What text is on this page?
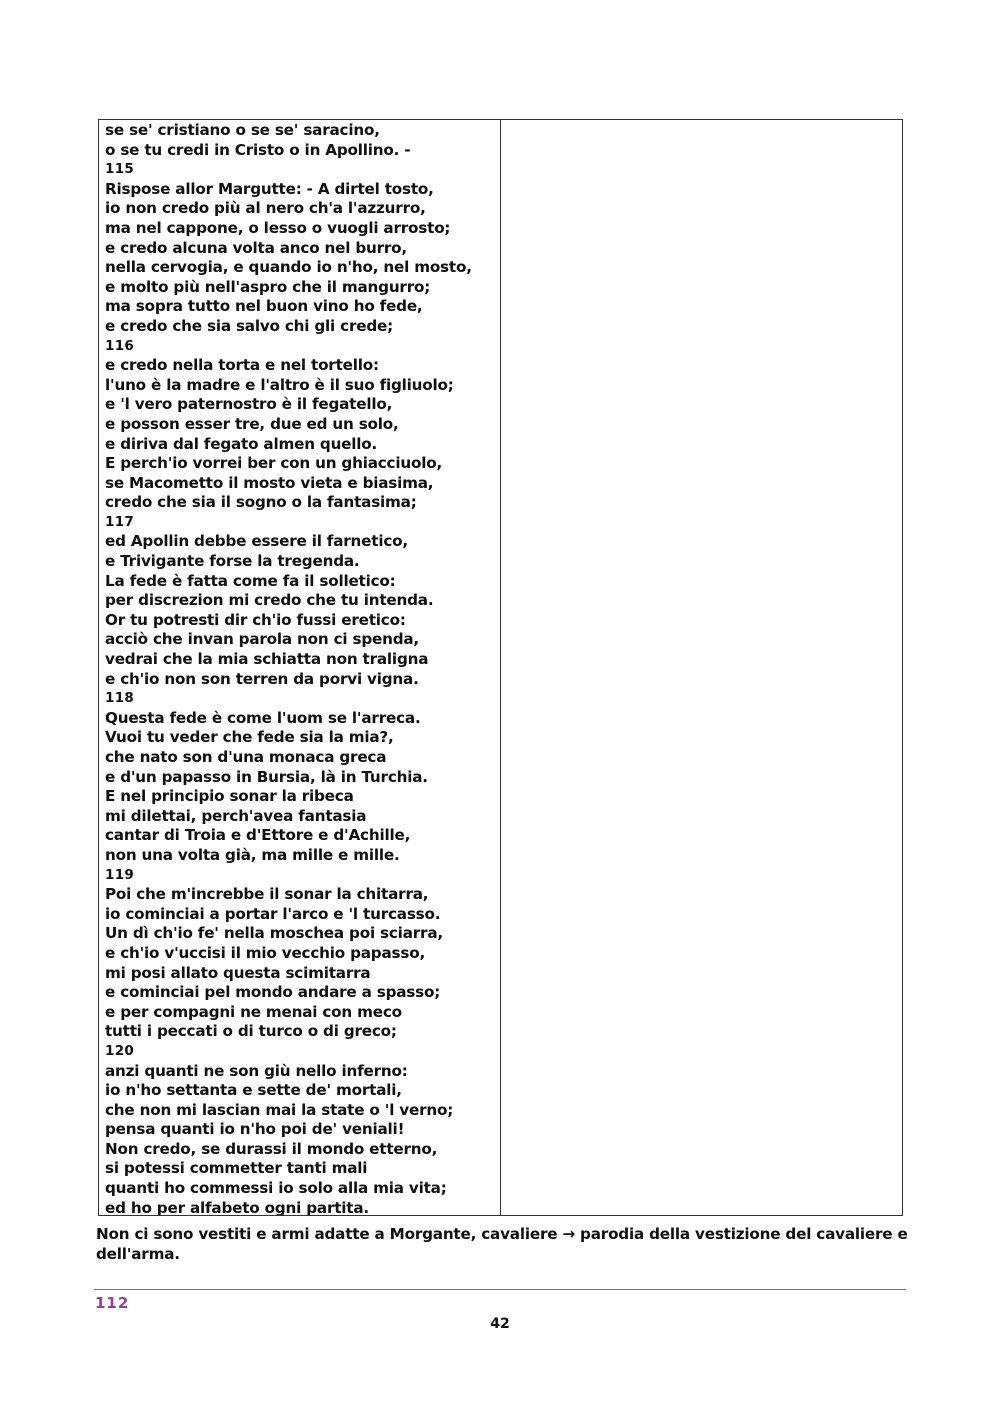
se se' cristiano o se se' saracino,

o se tu credi in Cristo o in Apollino. -

115

Rispose allor Margutte: - A dirtel tosto,

io non credo più al nero ch'a l'azzurro,

ma nel cappone, o lesso o vuogli arrosto;

e credo alcuna volta anco nel burro,

nella cervogia, e quando io n'ho, nel mosto,

e molto più nell'aspro che il mangurro;

ma sopra tutto nel buon vino ho fede,

e credo che sia salvo chi gli crede;

116

e credo nella torta e nel tortello:

l'uno è la madre e l'altro è il suo figliuolo;

e 'l vero paternostro è il fegatello,

e posson esser tre, due ed un solo,

e diriva dal fegato almen quello.

E perch'io vorrei ber con un ghiacciuolo,

se Macometto il mosto vieta e biasima,

credo che sia il sogno o la fantasima;

117

ed Apollin debbe essere il farnetico,

e Trivigante forse la tregenda.

La fede è fatta come fa il solletico:

per discrezion mi credo che tu intenda.

Or tu potresti dir ch'io fussi eretico:

acciò che invan parola non ci spenda,

vedrai che la mia schiatta non traligna

e ch'io non son terren da porvi vigna.

118

Questa fede è come l'uom se l'arreca.

Vuoi tu veder che fede sia la mia?,

che nato son d'una monaca greca

e d'un papasso in Bursia, là in Turchia.

E nel principio sonar la ribeca

mi dilettai, perch'avea fantasia

cantar di Troia e d'Ettore e d'Achille,

non una volta già, ma mille e mille.

119

Poi che m'increbbe il sonar la chitarra,

io cominciai a portar l'arco e 'l turcasso.

Un dì ch'io fe' nella moschea poi sciarra,

e ch'io v'uccisi il mio vecchio papasso,

mi posi allato questa scimitarra

e cominciai pel mondo andare a spasso;

e per compagni ne menai con meco

tutti i peccati o di turco o di greco;

120

anzi quanti ne son giù nello inferno:

io n'ho settanta e sette de' mortali,

che non mi lascian mai la state o 'l verno;

pensa quanti io n'ho poi de' veniali!

Non credo, se durassi il mondo etterno,

si potessi commetter tanti mali

quanti ho commessi io solo alla mia vita;

ed ho per alfabeto ogni partita.

Non ci sono vestiti e armi adatte a Morgante, cavaliere → parodia della vestizione del cavaliere e dell'arma.

112
42
